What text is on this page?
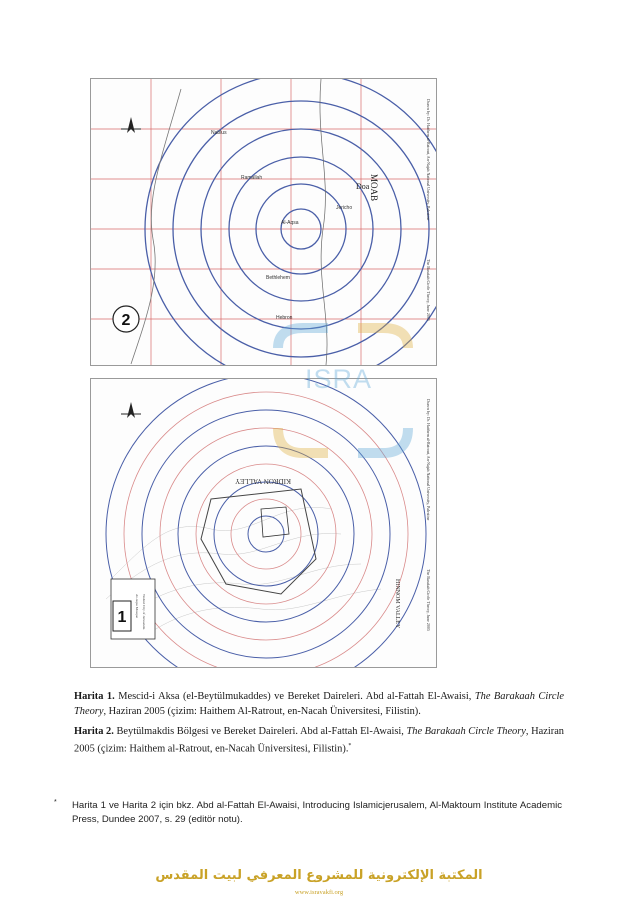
2
Al-Aqsa
Jericho
Ramallah
Bethlehem
Hebron
Nablus
Doa MOAB	Drawn by: Dr. Haithem al-Ratrout, An-Najah National University, Palestine
The Barakah Circle Theory, June 2005
Al-Aqsa Mosque Walled City of Jerusalem
1
KIDRON VALLEY
HINNOM VALLEY
Drawn by: Dr. Haithem al-Ratrout, An-Najah National University, Palestine
The Barakah Circle Theory, June 2005
ISRA
Harita 1. Mescid-i Aksa (el-Beytülmukaddes) ve Bereket Daireleri. Abd al-Fattah El-Awaisi, The Barakaah Circle Theory, Haziran 2005 (çizim: Haithem Al-Ratrout, en-Nacah Üniversitesi, Filistin).
Harita 2. Beytülmakdis Bölgesi ve Bereket Daireleri. Abd al-Fattah El-Awaisi, The Barakaah Circle Theory, Haziran 2005 (çizim: Haithem al-Ratrout, en-Nacah Üniversitesi, Filistin).*
*	Harita 1 ve Harita 2 için bkz. Abd al-Fattah El-Awaisi, Introducing Islamicjerusalem, Al-Maktoum Institute Academic Press, Dundee 2007, s. 29 (editör notu).
المكتبة الإلكترونية للمشروع المعرفي لبيت المقدس
www.isravakfi.org
